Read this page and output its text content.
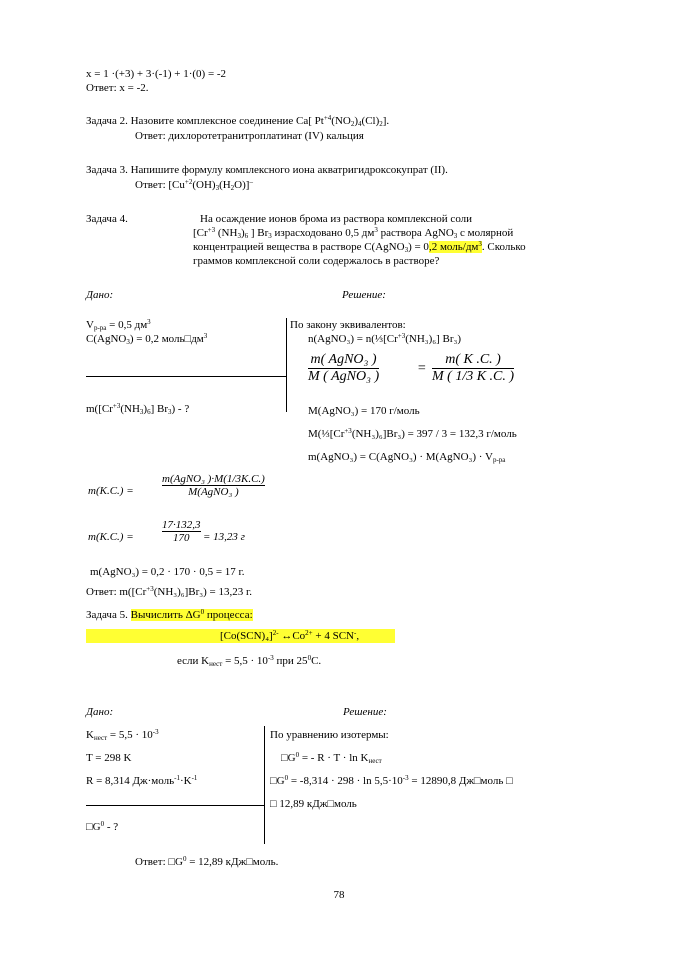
x = 1 ·(+3) + 3·(-1) + 1·(0) = -2
Ответ: x = -2.
Задача 2. Назовите комплексное соединение Ca[ $Pt^{+4}(NO_2)_4(Cl)_2$].
Ответ: дихлоротетранитроплатинат (IV) кальция
Задача 3. Напишите формулу комплексного иона акватригидроксокупрат (II).
Ответ: $[Cu^{+2}(OH)_3(H_2O)]^-$
Задача 4.	На осаждение ионов брома из раствора комплексной соли
[$Cr^{+3}$ $(NH_3)_6$ ] $Br_3$ израсходовано 0,5 $дм^3$ раствора AgNO$_3$ с молярной
концентрацией вещества в растворе C(AgNO$_3$) = 0,2 моль/$дм^3$. Сколько
граммов комплексной соли содержалось в растворе?
Дано:	Решение:
$V_{р-ра} = 0,5$ $дм^3$
C(AgNO$_3$) = 0,2 $моль□дм^3$
$m([Cr^{+3}(NH_3)_6]$ $Br_3$) - ?
По закону эквивалентов:
n(AgNO₃) = $n(\frac{1}{3}[Cr^{+3}(NH_3)_6]$ Br₃)
m( AgNO₃ )
M ( AgNO₃ )
=
m( K .C. )
M ( 1/3 K .C. )
M(AgNO₃) = 170 г/моль
$M(\frac{1}{3}[Cr^{+3}(NH_3)_6]Br_3) = 397 / 3 = 132,3$ г/моль
m(AgNO₃) = C(AgNO₃) · M(AgNO₃) · $V_{р-ра}$
m(K.C.) =
m(AgNO₃ )·M(1/3K.C.)
M(AgNO₃ )
m(K.C.) =
17·132,3
170 = 13,23 г
m(AgNO₃) = 0,2 · 170 · 0,5 = 17 г.
Ответ: $m([Cr^{+3}(NH_3)_6]Br_3) = 13,23$ г.
Задача 5. Вычислить $\Delta G^0$ процесса:
$[Co(SCN)_4]^{2-}$ $\leftrightarrow Co^{2+} + 4$ SCN-,
если $K_{нест} = 5,5 \cdot 10^{-3}$ при $25^0C$.
Дано:	Решение:
$K_{нест} = 5,5 \cdot 10^{-3}$
T = 298 K
R = 8,314 $Дж\cdot моль^{-1}\cdot K^{-1}$
$□G^0$ - ?
По уравнению изотермы:
$□G^0$ = - $R \cdot T \cdot \ln K_{нест}$
$□G^0 = -8,314 \cdot 298 \cdot \ln 5,5\cdot 10^{-3} = 12890,8$ Дж□моль □
□ 12,89 кДж□моль
Ответ: $□G^0 = 12,89$ кДж□моль.
78
